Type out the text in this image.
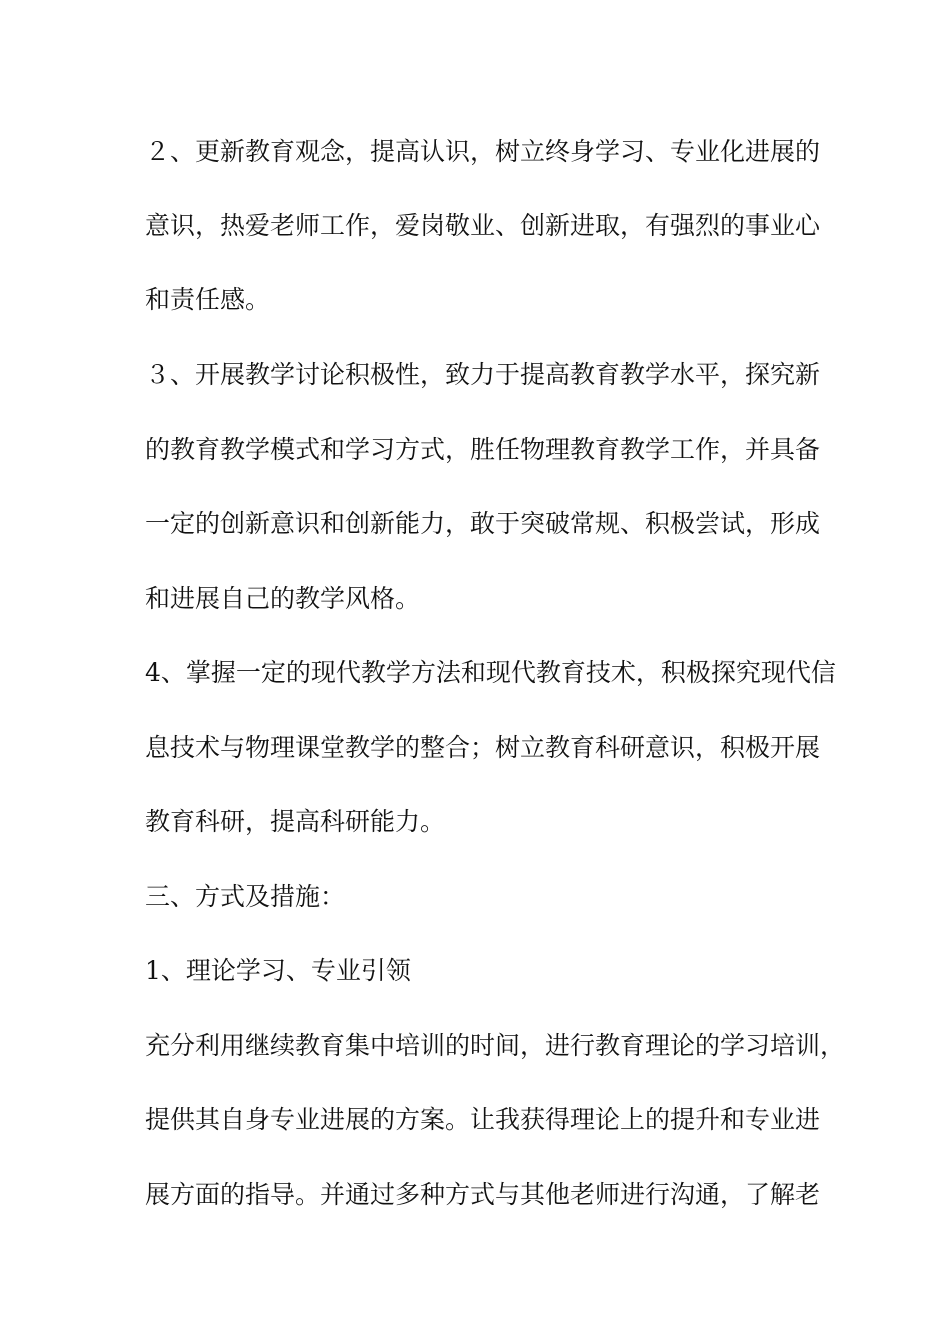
２、更新教育观念，提高认识，树立终身学习、专业化进展的
意识，热爱老师工作，爱岗敬业、创新进取，有强烈的事业心
和责任感。
３、开展教学讨论积极性，致力于提高教育教学水平，探究新
的教育教学模式和学习方式，胜任物理教育教学工作，并具备
一定的创新意识和创新能力，敢于突破常规、积极尝试，形成
和进展自己的教学风格。
4、掌握一定的现代教学方法和现代教育技术，积极探究现代信
息技术与物理课堂教学的整合；树立教育科研意识，积极开展
教育科研，提高科研能力。
三、方式及措施：
1、理论学习、专业引领
充分利用继续教育集中培训的时间，进行教育理论的学习培训，
提供其自身专业进展的方案。让我获得理论上的提升和专业进
展方面的指导。并通过多种方式与其他老师进行沟通，了解老
